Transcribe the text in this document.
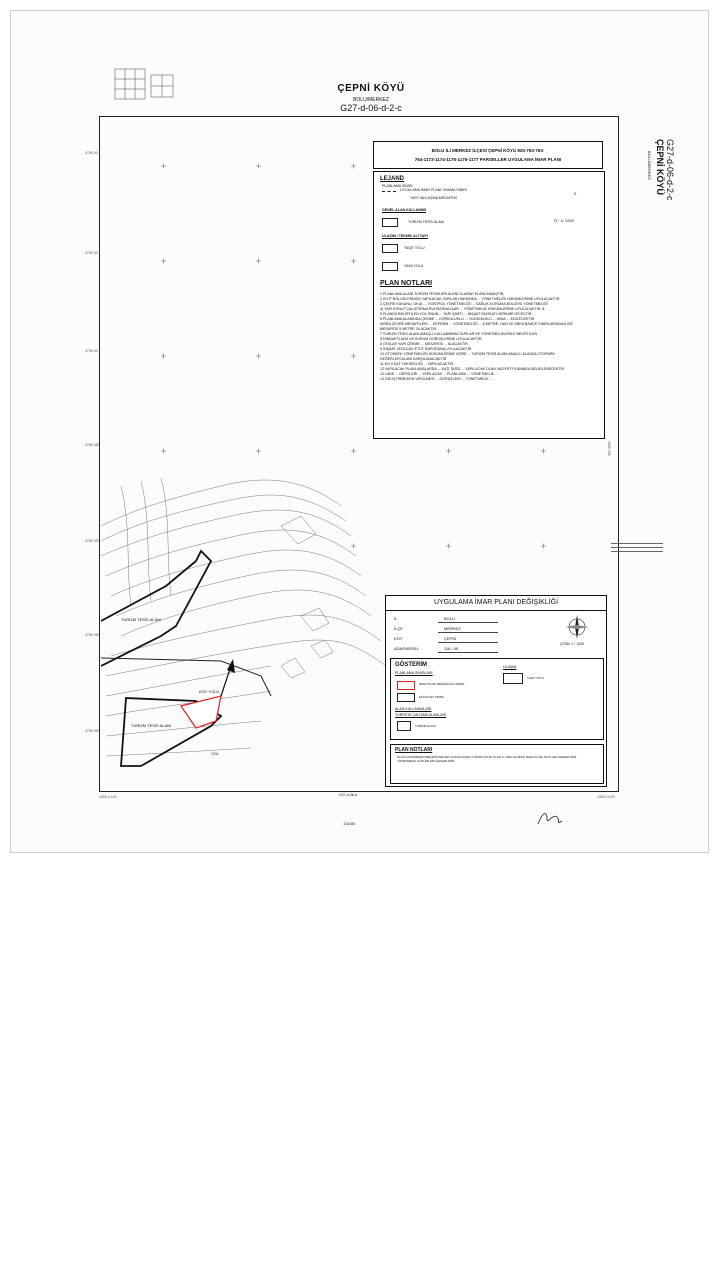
ÇEPNİ KÖYÜ
BOLU/MERKEZ
G27-d-06-d-2-c
ÇEPNİ KÖYÜ
BOLU/MERKEZ G27-d-06-d-2-c
4706 00
4706 50
4706 00
4706 450
4706 400
4706 350
4706 300
4306 400
BOLU İLİ MERKEZ İLÇESİ ÇEPNİ KÖYÜ 825-763-763-
764-1173-1174-1175-1176-1177 PARSELLER UYGULAMA İMAR PLANI
LEJAND
PLANLAMA SINIRI
UYGULAMA İMAR PLANI ONAMA SINIRI
YAPI YAKLAŞMA MESAFESİ
K
GENEL ALAN KULLANIMI
TURİZM TESİS ALANI	Ö : 1/ 1000
ULAŞIM / TEKNİK ALTYAPI
TAŞIT YOLU
YAYA YOLU
PLAN NOTLARI
1 PLANLAMA ALANI TURİZM TESİSLERİ ALANI OLARAK PLANLANMIŞTIR.
2 KIYIT BÖLGELERİNDE YAPILACAK YAPILAR HAKKINDA ... YÖNETMELİĞİ HÜKÜMLERİNE UYULACAKTIR.
3 ÇEVRE KANUNU, OKUL ... KONTROL YÖNETMELİĞİ ... SAĞLIK KORUMA BÖLGESİ YÖNETMELİĞİ
4) YAPI KONUT ÇALIŞTIRMA RUHSATINA DAİR ... YÖNETMELİK HÜKÜMLERİNE UYULACAKTIR. 8.
5 PLANDA BELİRTİLEN YOL ÖNÜN ... YAPI ŞARTI ... İNŞAAT RUHSATI VERİLMEYECEKTİR.
6 PLANLAMA ALANINDA ÇEKME ... KORKULUKLU ... YÜKSEKLİKLİ ... HAVA ... EDİLECEKTİR.
KIBRA ÇEVRE MESAFELERİ ... DEPREM ... YÖNETMELİĞİ ... 8 METRE, HAN VE ARKA BAHÇE SINIRLARINDAN İSE
MESAFESİ 5 METRE OLACAKTIR.
7 TURİZM TESİS ALANI AMAÇLI KULLANIMIMA YAPILAR VE YÖNETMELİKLERLE BELİRTİLEN
STANDARTLARA VE KURUM GÖRÜŞLERİNE UYULACAKTIR.
8 OTALAR YAPI ÇEKME ... MESAFESİ ... ALACAKTIR.
9 İNŞAAT JEOLOJİK ETÜT RAPORUNA UYULACAKTIR.
10 OTOPARK YÖNETMELİĞİ HÜKÜMLERİNE GÖRE ... TURİZM TESİS ALANI AMAÇLI ALANDA OTOPARK
DEĞERLERİ ALANI KARŞILANACAKTIR.
11 KÜ 3 KAT YÜKSEKLİĞİ ... YAPILACAKTIR.
12 YAPILACAK PLANLAMALARDA ... KATI TARZI ... YAPILACAK OLAN VAZİYET PLANINDA BELİRLENECEKTİR.
13 LADE ... DERSLERİ ... YAPILACAK ... PLANLAMA ... YÖNETMELİK ...
14 GELİŞTİRMEDEN VERİLMESİ ... GÖRÜŞLERİ ... YÖNETMELİK ...
TURİZM TESİS ALANI
KÖY YOLU
TURİZM TESİS ALANI
YOL
UYGULAMA İMAR PLANI DEĞİŞİKLİĞİ
İL	BOLU
İLÇE	MERKEZ
KÖY	ÇEPNİ
ADA/PARSEL	116 / 45
ÇİZİM: 1 / 1000
GÖSTERİM
PLANLAMA SINIRLARI
İMAR PLANI DEĞİŞİKLİĞİ SINIRI
MÜLKİYET SINIRI
ALAN KULLANIMLARI
TURİSTİK ÇALIŞMA ALANLARI
TURİZM ALANI
ULAŞIM
TAŞIT YOLU
PLAN NOTLARI
PLAN KAPSAMINDA BELİRTİLMEYEN HUSUSLARDA YÜRÜRLÜKTE OLAN 1/ 1000 ÖLÇEKLİ İMAR PLANI NOTLARI GEÇERLİDİR ... YÖNETMELİK HÜKÜMLERİ GEÇERLİDİR.
1/1000
G27-d-06-d
4306 14.00	4306 14.00
